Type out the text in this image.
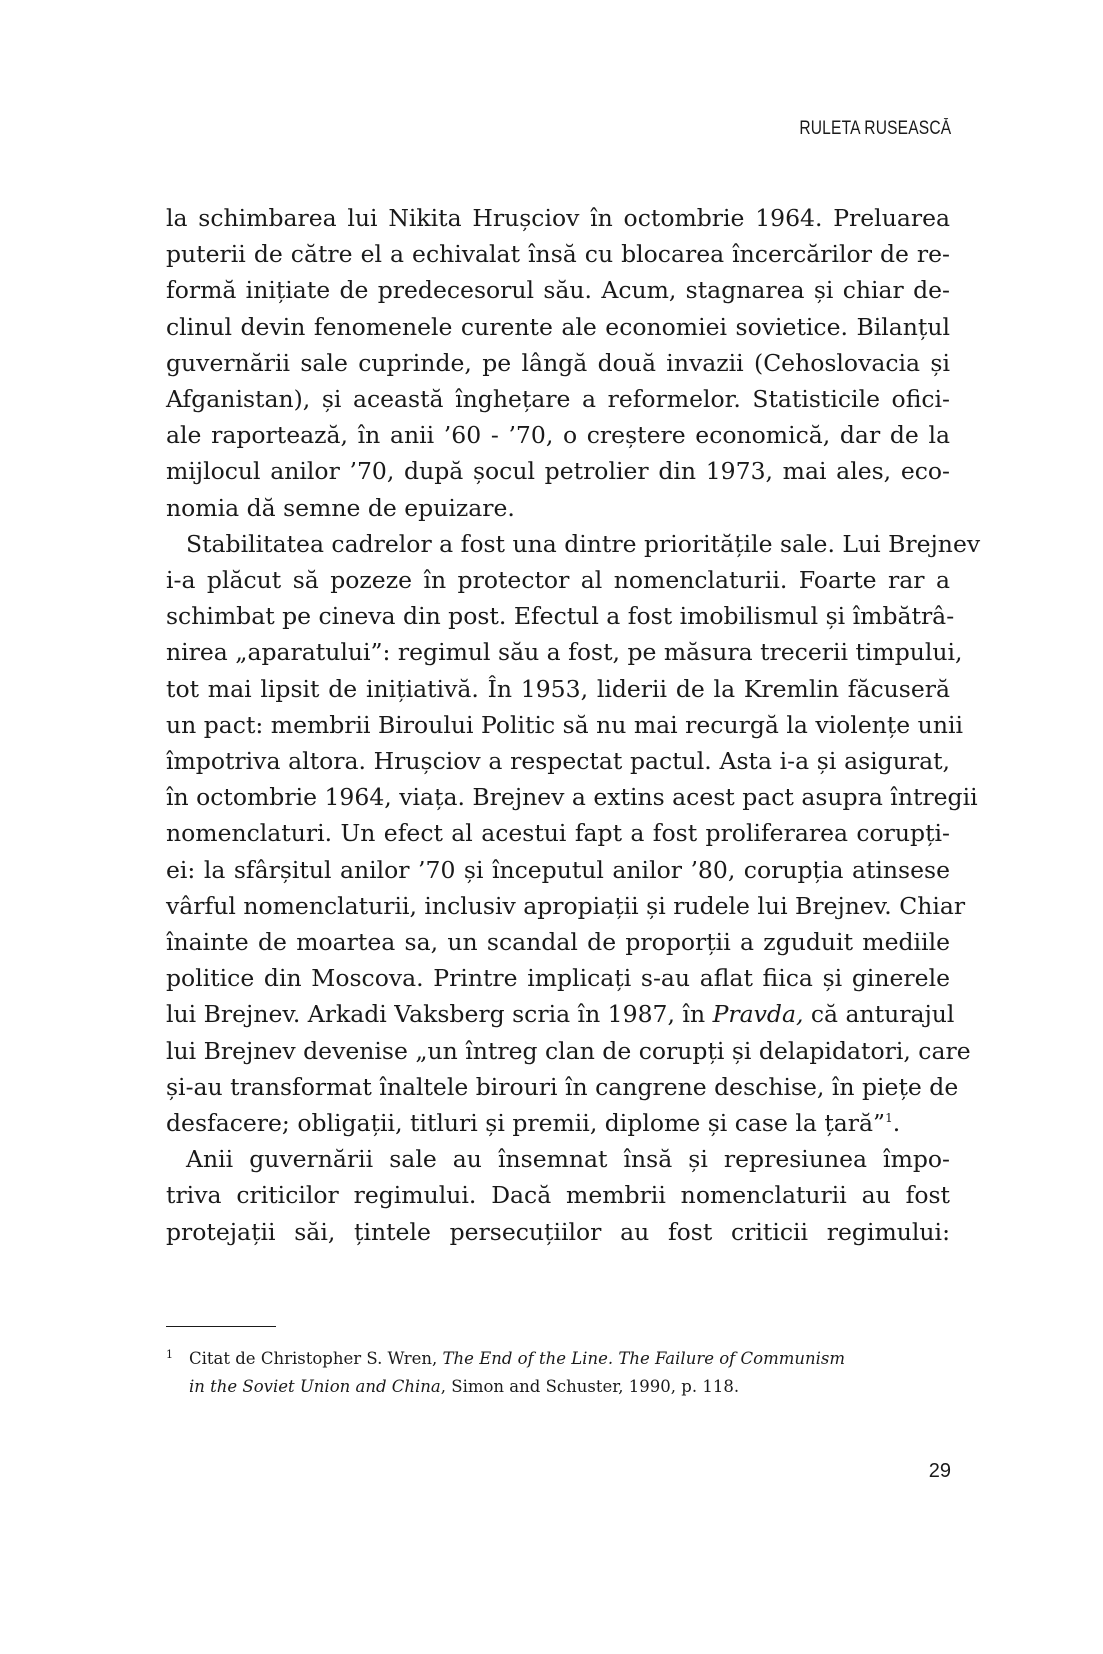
RULETA RUSEASCĂ
la schimbarea lui Nikita Hrușciov în octombrie 1964. Preluarea
puterii de către el a echivalat însă cu blocarea încercărilor de re-
formă inițiate de predecesorul său. Acum, stagnarea și chiar de-
clinul devin fenomenele curente ale economiei sovietice. Bilanțul
guvernării sale cuprinde, pe lângă două invazii (Cehoslovacia și
Afganistan), și această înghețare a reformelor. Statisticile ofici-
ale raportează, în anii ’60 - ’70, o creștere economică, dar de la
mijlocul anilor ’70, după șocul petrolier din 1973, mai ales, eco-
nomia dă semne de epuizare.
Stabilitatea cadrelor a fost una dintre prioritățile sale. Lui Brejnev
i-a plăcut să pozeze în protector al nomenclaturii. Foarte rar a
schimbat pe cineva din post. Efectul a fost imobilismul și îmbătrâ-
nirea „aparatului”: regimul său a fost, pe măsura trecerii timpului,
tot mai lipsit de inițiativă. În 1953, liderii de la Kremlin făcuseră
un pact: membrii Biroului Politic să nu mai recurgă la violențe unii
împotriva altora. Hrușciov a respectat pactul. Asta i-a și asigurat,
în octombrie 1964, viața. Brejnev a extins acest pact asupra întregii
nomenclaturi. Un efect al acestui fapt a fost proliferarea corupți-
ei: la sfârșitul anilor ’70 și începutul anilor ’80, corupția atinsese
vârful nomenclaturii, inclusiv apropiații și rudele lui Brejnev. Chiar
înainte de moartea sa, un scandal de proporții a zguduit mediile
politice din Moscova. Printre implicați s-au aflat fiica și ginerele
lui Brejnev. Arkadi Vaksberg scria în 1987, în Pravda, că anturajul
lui Brejnev devenise „un întreg clan de corupți și delapidatori, care
și-au transformat înaltele birouri în cangrene deschise, în piețe de
desfacere; obligații, titluri și premii, diplome și case la țară”$^1$.
Anii guvernării sale au însemnat însă și represiunea împo-
triva criticilor regimului. Dacă membrii nomenclaturii au fost
protejații săi, țintele persecuțiilor au fost criticii regimului:
1 Citat de Christopher S. Wren, The End of the Line. The Failure of Communism
in the Soviet Union and China, Simon and Schuster, 1990, p. 118.
29
